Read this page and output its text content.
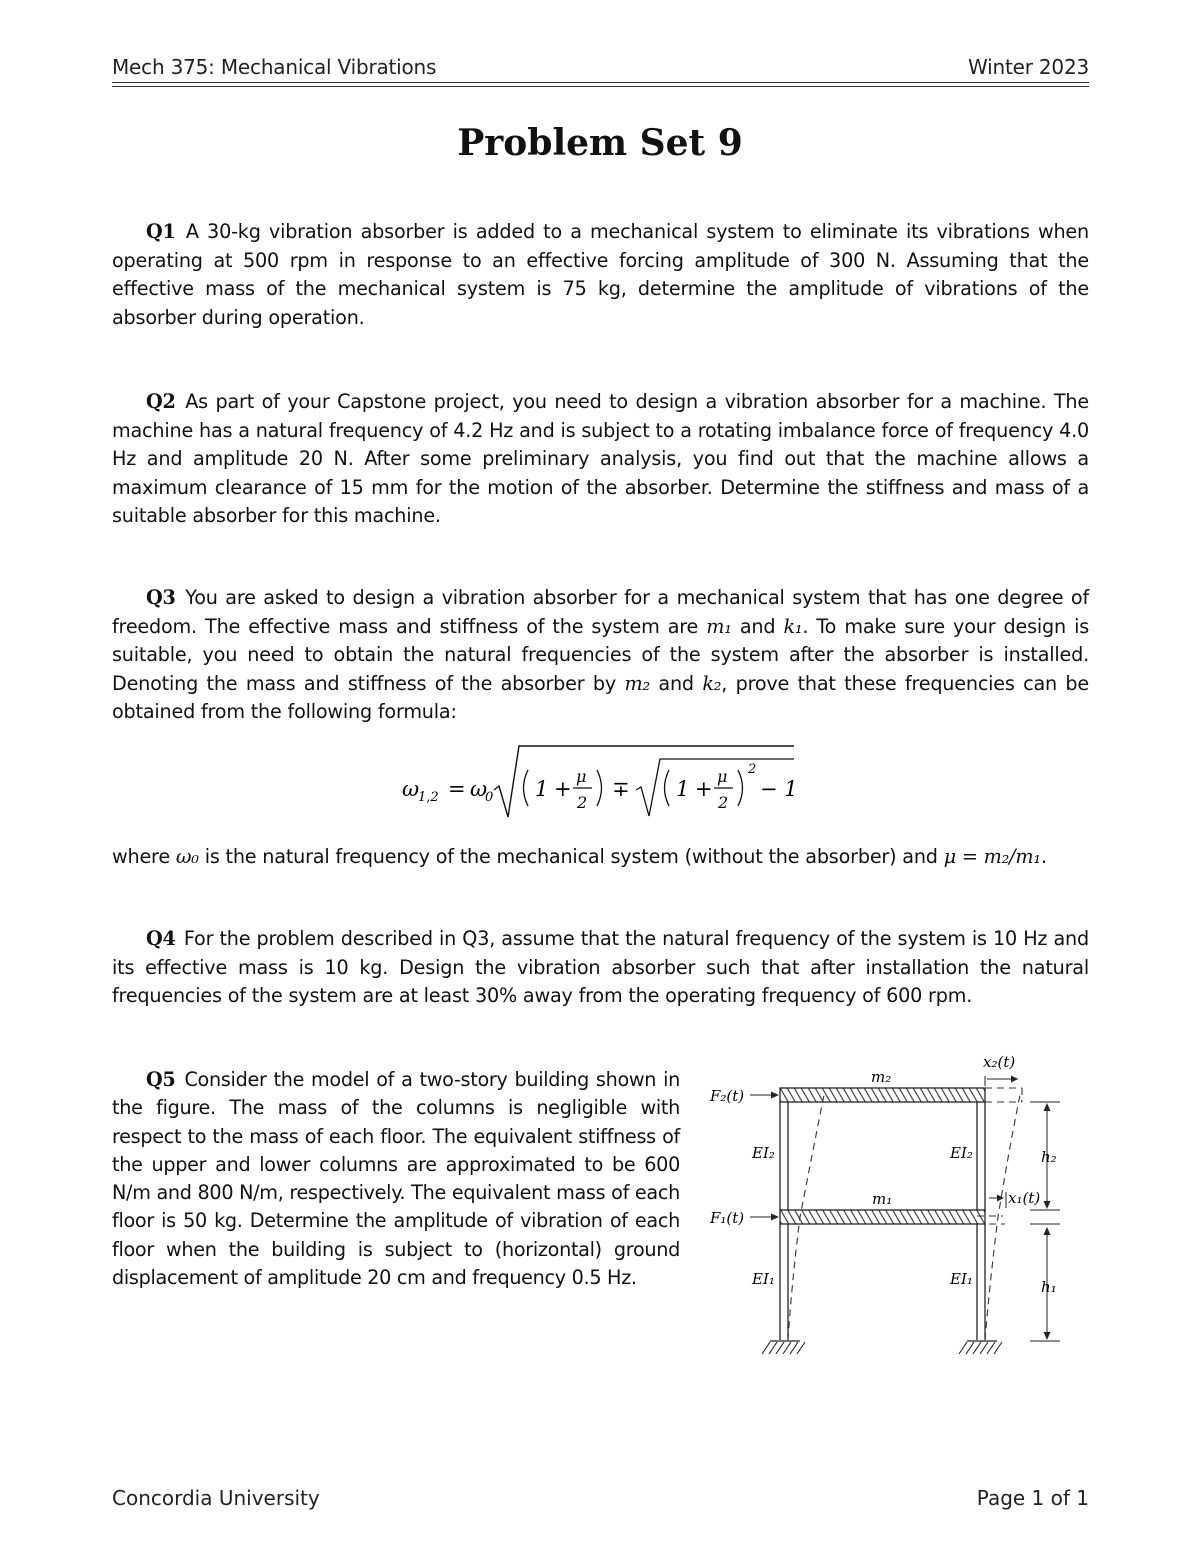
Mech 375: Mechanical Vibrations	Winter 2023
Problem Set 9
Q1 A 30-kg vibration absorber is added to a mechanical system to eliminate its vibrations when operating at 500 rpm in response to an effective forcing amplitude of 300 N. Assuming that the effective mass of the mechanical system is 75 kg, determine the amplitude of vibrations of the absorber during operation.
Q2 As part of your Capstone project, you need to design a vibration absorber for a machine. The machine has a natural frequency of 4.2 Hz and is subject to a rotating imbalance force of frequency 4.0 Hz and amplitude 20 N. After some preliminary analysis, you find out that the machine allows a maximum clearance of 15 mm for the motion of the absorber. Determine the stiffness and mass of a suitable absorber for this machine.
Q3 You are asked to design a vibration absorber for a mechanical system that has one degree of freedom. The effective mass and stiffness of the system are m₁ and k₁. To make sure your design is suitable, you need to obtain the natural frequencies of the system after the absorber is installed. Denoting the mass and stiffness of the absorber by m₂ and k₂, prove that these frequencies can be obtained from the following formula:
ω
1,2 = ω
0 1 +
μ
2
∓ 1 +
μ
2
2
− 1
where ω₀ is the natural frequency of the mechanical system (without the absorber) and μ = m₂/m₁.
Q4 For the problem described in Q3, assume that the natural frequency of the system is 10 Hz and its effective mass is 10 kg. Design the vibration absorber such that after installation the natural frequencies of the system are at least 30% away from the operating frequency of 600 rpm.
Q5 Consider the model of a two-story building shown in the figure. The mass of the columns is negligible with respect to the mass of each floor. The equivalent stiffness of the upper and lower columns are approximated to be 600 N/m and 800 N/m, respectively. The equivalent mass of each floor is 50 kg. Determine the amplitude of vibration of each floor when the building is subject to (horizontal) ground displacement of amplitude 20 cm and frequency 0.5 Hz.
x₂(t)
m₂
F₂(t)
EI₂	EI₂	h₂
m₁	x₁(t)
F₁(t)
h₁
EI₁	EI₁
Concordia University	Page 1 of 1
